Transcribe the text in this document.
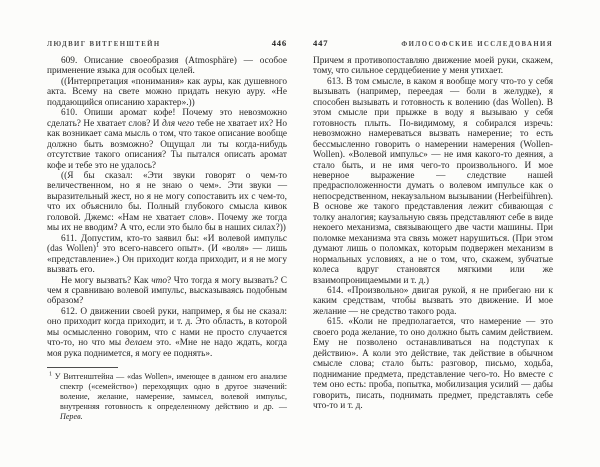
ЛЮДВИГ ВИТГЕНШТЕЙН	446

609. Описание своеобразия (Atmosphäre) — особое применение языка для особых целей.

((Интерпретация «понимания» как ауры, как душевного акта. Всему на свете можно придать некую ауру. «Не поддающийся описанию характер».))

610. Опиши аромат кофе! Почему это невозможно сделать? Не хватает слов? И для чего тебе не хватает их? Но как возникает сама мысль о том, что такое описание вообще должно быть возможно? Ощущал ли ты когда-нибудь отсутствие такого описания? Ты пытался описать аромат кофе и тебе это не удалось?

((Я бы сказал: «Эти звуки говорят о чем-то величественном, но я не знаю о чем». Эти звуки — выразительный жест, но я не могу сопоставить их с чем-то, что их объяснило бы. Полный глубокого смысла кивок головой. Джемс: «Нам не хватает слов». Почему же тогда мы их не вводим? А что, если это было бы в наших силах?))

611. Допустим, кто-то заявил бы: «И волевой импульс (das Wollen)$^1$ это всего-навсего опыт». (И «воля» — лишь «представление».) Он приходит когда приходит, и я не могу вызвать его.

Не могу вызвать? Как что? Что тогда я могу вызвать? С чем я сравниваю волевой импульс, высказываясь подобным образом?

612. О движении своей руки, например, я бы не сказал: оно приходит когда приходит, и т. д. Это область, в которой мы осмысленно говорим, что с нами не просто случается что-то, но что мы делаем это. «Мне не надо ждать, когда моя рука поднимется, я могу ее поднять».

$^1$ У Витгенштейна — «das Wollen», имеющее в данном его анализе спектр («семейство») переходящих одно в другое значений: воление, желание, намерение, замысел, волевой импульс, внутренняя готовность к определенному действию и др. — Перев.

447	ФИЛОСОФСКИЕ ИССЛЕДОВАНИЯ

Причем я противопоставляю движение моей руки, скажем, тому, что сильное сердцебиение у меня утихает.

613. В том смысле, в каком я вообще могу что-то у себя вызывать (например, переедая — боли в желудке), я способен вызывать и готовность к волению (das Wollen). В этом смысле при прыжке в воду я вызываю у себя готовность плыть. По-видимому, я собирался изречь: невозможно намереваться вызвать намерение; то есть бессмысленно говорить о намерении намерения (Wollen-Wollen). «Волевой импульс» — не имя какого-то деяния, а стало быть, и не имя чего-то произвольного. И мое неверное выражение — следствие нашей предрасположенности думать о волевом импульсе как о непосредственном, некаузальном вызывании (Herbeiführen). В основе же такого представления лежит сбивающая с толку аналогия; каузальную связь представляют себе в виде некоего механизма, связывающего две части машины. При поломке механизма эта связь может нарушиться. (При этом думают лишь о поломках, которым подвержен механизм в нормальных условиях, а не о том, что, скажем, зубчатые колеса вдруг становятся мягкими или же взаимопроницаемыми и т. д.)

614. «Произвольно» двигая рукой, я не прибегаю ни к каким средствам, чтобы вызвать это движение. И мое желание — не средство такого рода.

615. «Коли не предполагается, что намерение — это своего рода желание, то оно должно быть самим действием. Ему не позволено останавливаться на подступах к действию». А коли это действие, так действие в обычном смысле слова; стало быть: разговор, письмо, ходьба, поднимание предмета, представление чего-то. Но вместе с тем оно есть: проба, попытка, мобилизация усилий — дабы говорить, писать, поднимать предмет, представлять себе что-то и т. д.
